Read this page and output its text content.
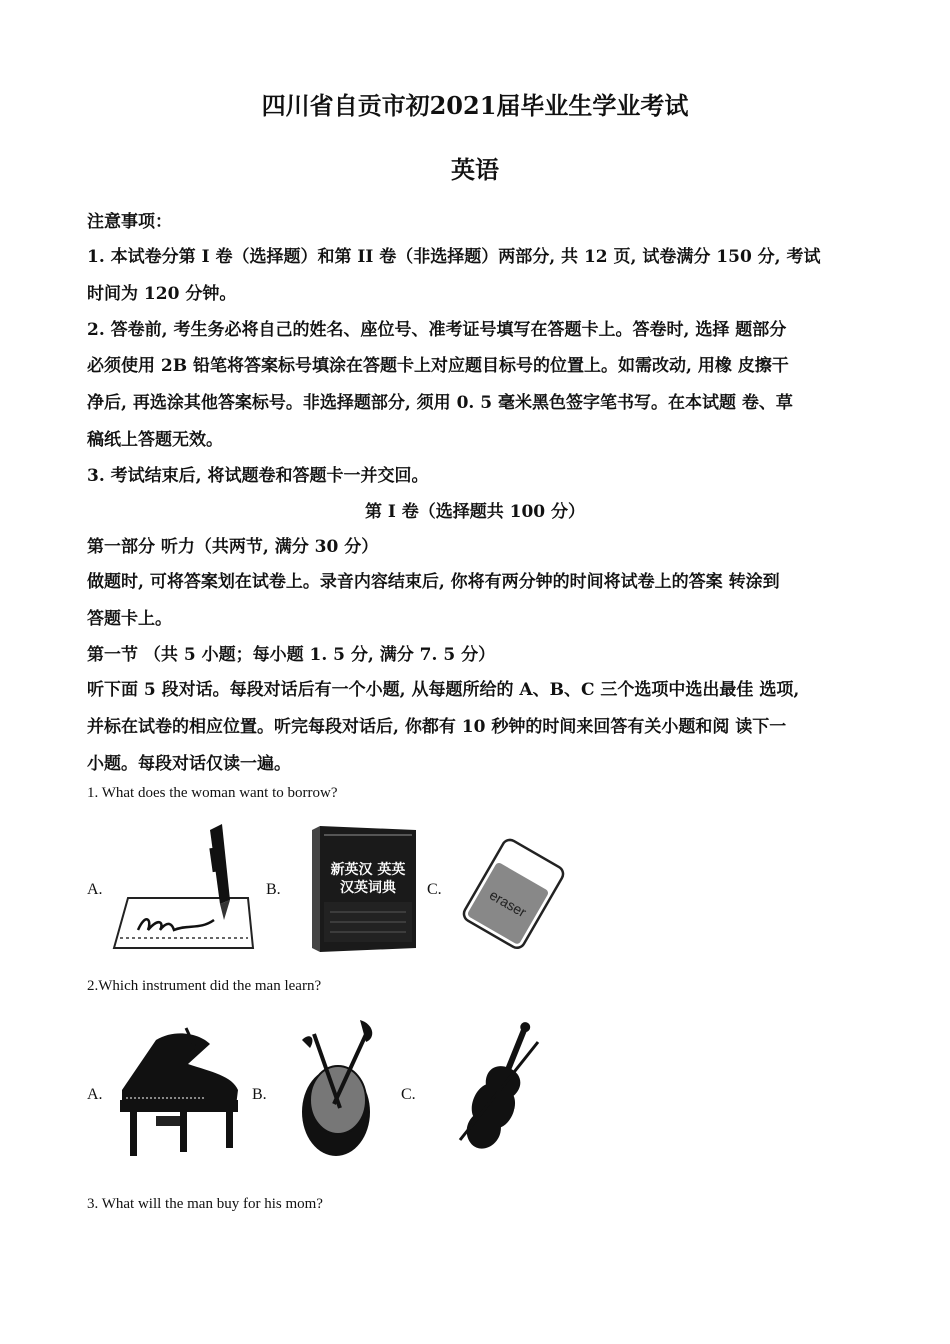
四川省自贡市初2021届毕业生学业考试
英语
注意事项：
1. 本试卷分第 I 卷（选择题）和第 II 卷（非选择题）两部分, 共 12 页, 试卷满分 150 分, 考试
时间为 120 分钟。
2. 答卷前, 考生务必将自己的姓名、座位号、准考证号填写在答题卡上。答卷时, 选择 题部分
必须使用 2B 铅笔将答案标号填涂在答题卡上对应题目标号的位置上。如需改动, 用橡 皮擦干
净后, 再选涂其他答案标号。非选择题部分, 须用 0. 5 毫米黑色签字笔书写。在本试题 卷、草
稿纸上答题无效。
3. 考试结束后, 将试题卷和答题卡一并交回。
第 I 卷（选择题共 100 分）
第一部分 听力（共两节, 满分 30 分）
做题时, 可将答案划在试卷上。录音内容结束后, 你将有两分钟的时间将试卷上的答案 转涂到
答题卡上。
第一节 （共 5 小题；每小题 1. 5 分, 满分 7. 5 分）
听下面 5 段对话。每段对话后有一个小题, 从每题所给的 A、B、C 三个选项中选出最佳 选项,
并标在试卷的相应位置。听完每段对话后, 你都有 10 秒钟的时间来回答有关小题和阅 读下一
小题。每段对话仅读一遍。
1. What does the woman want to borrow?
A.	B.
新英汉 英英
汉英词典 C.	eraser
2.Which instrument did the man learn?
A.	B.	C.
3. What will the man buy for his mom?
